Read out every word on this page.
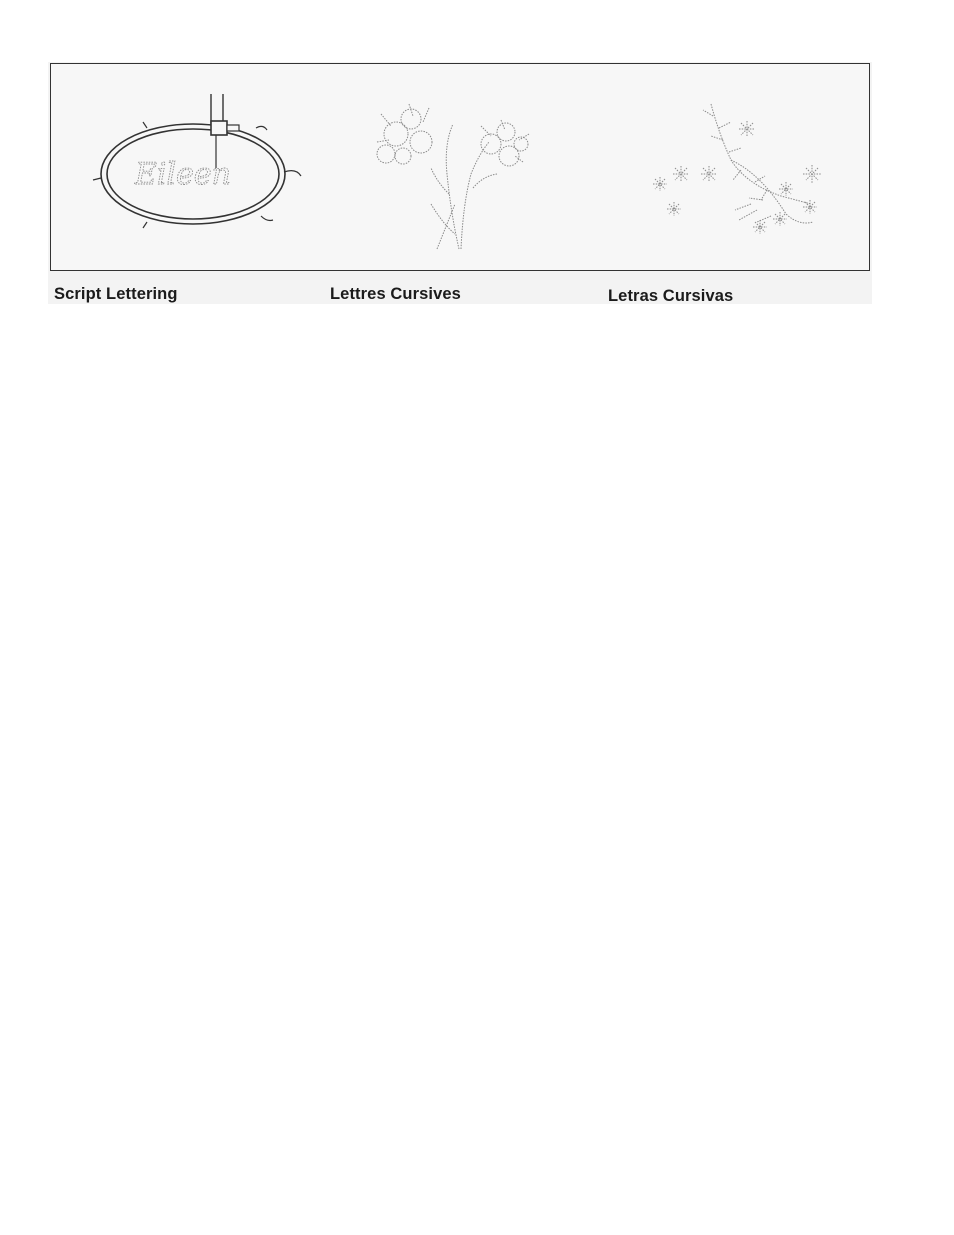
Eileen
Script Lettering	Lettres Cursives	Letras Cursivas
